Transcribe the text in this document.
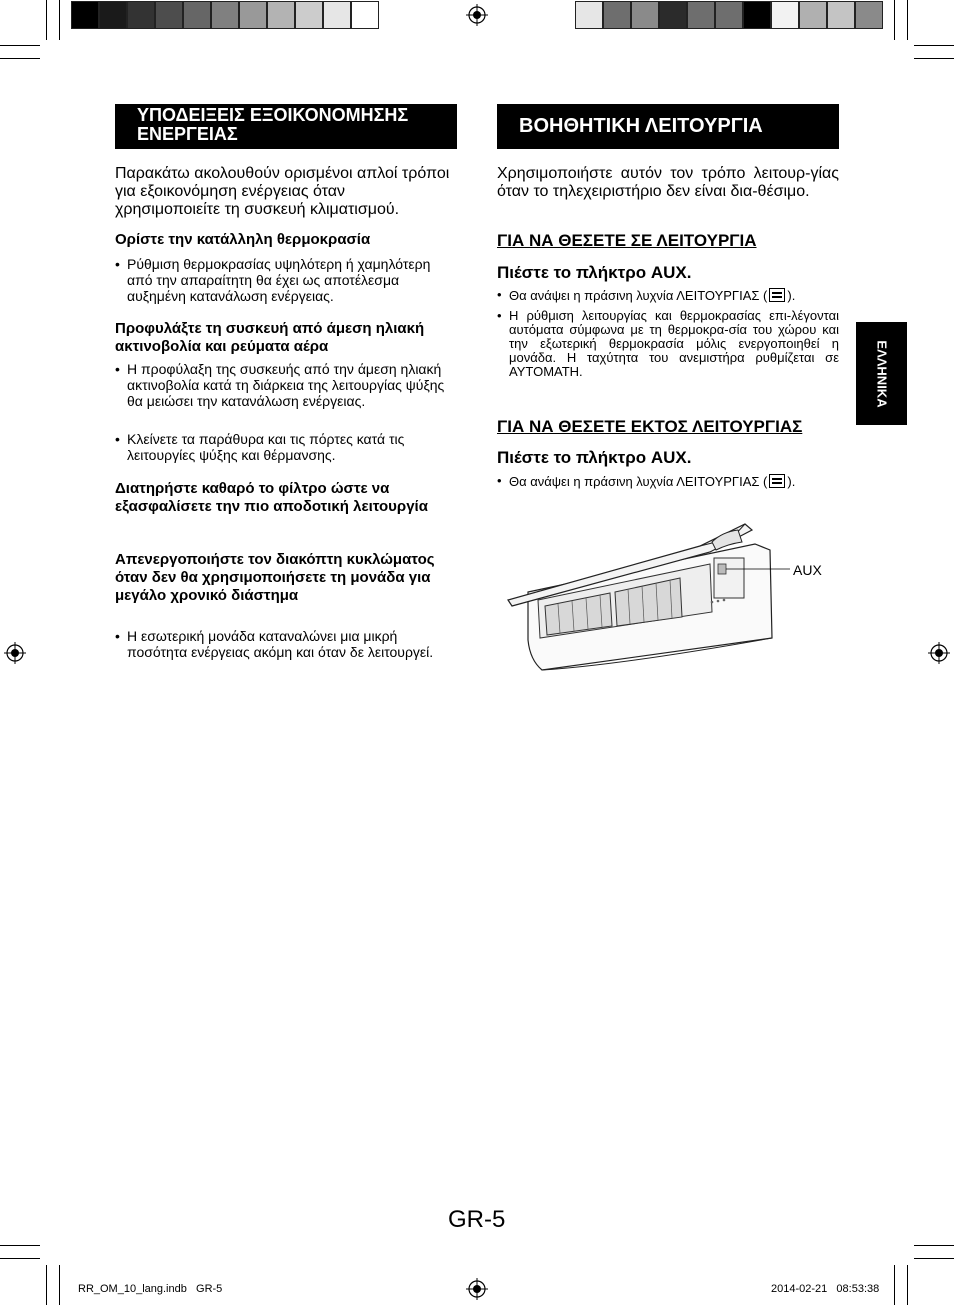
ΥΠΟΔΕΙΞΕΙΣ ΕΞΟΙΚΟΝΟΜΗΣΗΣ
ΕΝΕΡΓΕΙΑΣ
Παρακάτω ακολουθούν ορισμένοι απλοί τρόποι για εξοικονόμηση ενέργειας όταν χρησιμοποιείτε τη συσκευή κλιματισμού.
Ορίστε την κατάλληλη θερμοκρασία
• Ρύθμιση θερμοκρασίας υψηλότερη ή χαμηλότερη από την απαραίτητη θα έχει ως αποτέλεσμα αυξημένη κατανάλωση ενέργειας.
Προφυλάξτε τη συσκευή από άμεση ηλιακή ακτινοβολία και ρεύματα αέρα
• Η προφύλαξη της συσκευής από την άμεση ηλιακή ακτινοβολία κατά τη διάρκεια της λειτουργίας ψύξης θα μειώσει την κατανάλωση ενέργειας.
• Κλείνετε τα παράθυρα και τις πόρτες κατά τις λειτουργίες ψύξης και θέρμανσης.
Διατηρήστε καθαρό το φίλτρο ώστε να εξασφαλίσετε την πιο αποδοτική λειτουργία
Απενεργοποιήστε τον διακόπτη κυκλώματος όταν δεν θα χρησιμοποιήσετε τη μονάδα για μεγάλο χρονικό διάστημα
• Η εσωτερική μονάδα καταναλώνει μια μικρή ποσότητα ενέργειας ακόμη και όταν δε λειτουργεί.
ΒΟΗΘΗΤΙΚΗ ΛΕΙΤΟΥΡΓΙΑ
Χρησιμοποιήστε αυτόν τον τρόπο λειτουρ-γίας όταν το τηλεχειριστήριο δεν είναι δια-θέσιμο.
ΓΙΑ ΝΑ ΘΕΣΕΤΕ ΣΕ ΛΕΙΤΟΥΡΓΙΑ
Πιέστε το πλήκτρο AUX.
• Θα ανάψει η πράσινη λυχνία ΛΕΙΤΟΥΡΓΙΑΣ ( ).
• Η ρύθμιση λειτουργίας και θερμοκρασίας επι-λέγονται αυτόματα σύμφωνα με τη θερμοκρα-σία του χώρου και την εξωτερική θερμοκρασία μόλις ενεργοποιηθεί η μονάδα. Η ταχύτητα του ανεμιστήρα ρυθμίζεται σε ΑΥΤΟΜΑΤΗ.
ΓΙΑ ΝΑ ΘΕΣΕΤΕ ΕΚΤΟΣ ΛΕΙΤΟΥΡΓΙΑΣ
Πιέστε το πλήκτρο AUX.
• Θα ανάψει η πράσινη λυχνία ΛΕΙΤΟΥΡΓΙΑΣ ( ).
AUX
ΕΛΛΗΝΙΚΑ
GR-5
RR_OM_10_lang.indb   GR-5	2014-02-21   08:53:38
